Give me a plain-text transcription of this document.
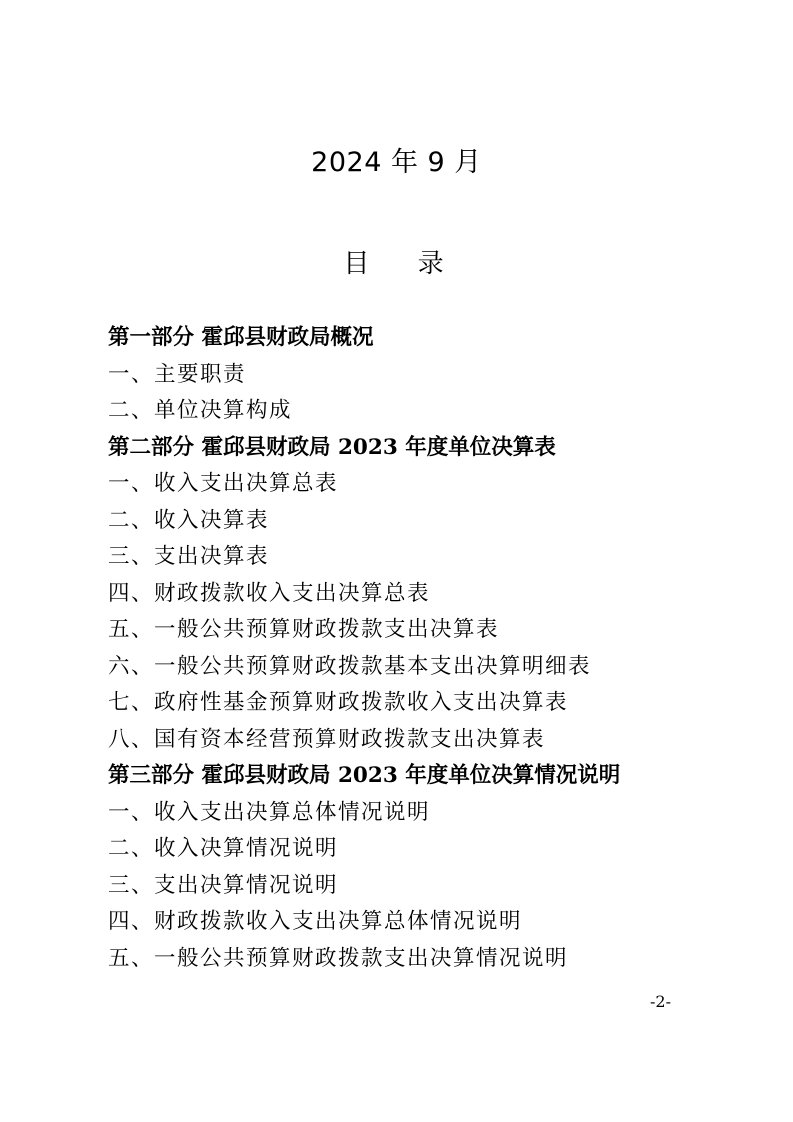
2024 年 9 月
目 录
第一部分 霍邱县财政局概况
一、主要职责
二、单位决算构成
第二部分 霍邱县财政局 2023 年度单位决算表
一、收入支出决算总表
二、收入决算表
三、支出决算表
四、财政拨款收入支出决算总表
五、一般公共预算财政拨款支出决算表
六、一般公共预算财政拨款基本支出决算明细表
七、政府性基金预算财政拨款收入支出决算表
八、国有资本经营预算财政拨款支出决算表
第三部分 霍邱县财政局 2023 年度单位决算情况说明
一、收入支出决算总体情况说明
二、收入决算情况说明
三、支出决算情况说明
四、财政拨款收入支出决算总体情况说明
五、一般公共预算财政拨款支出决算情况说明
-2-
